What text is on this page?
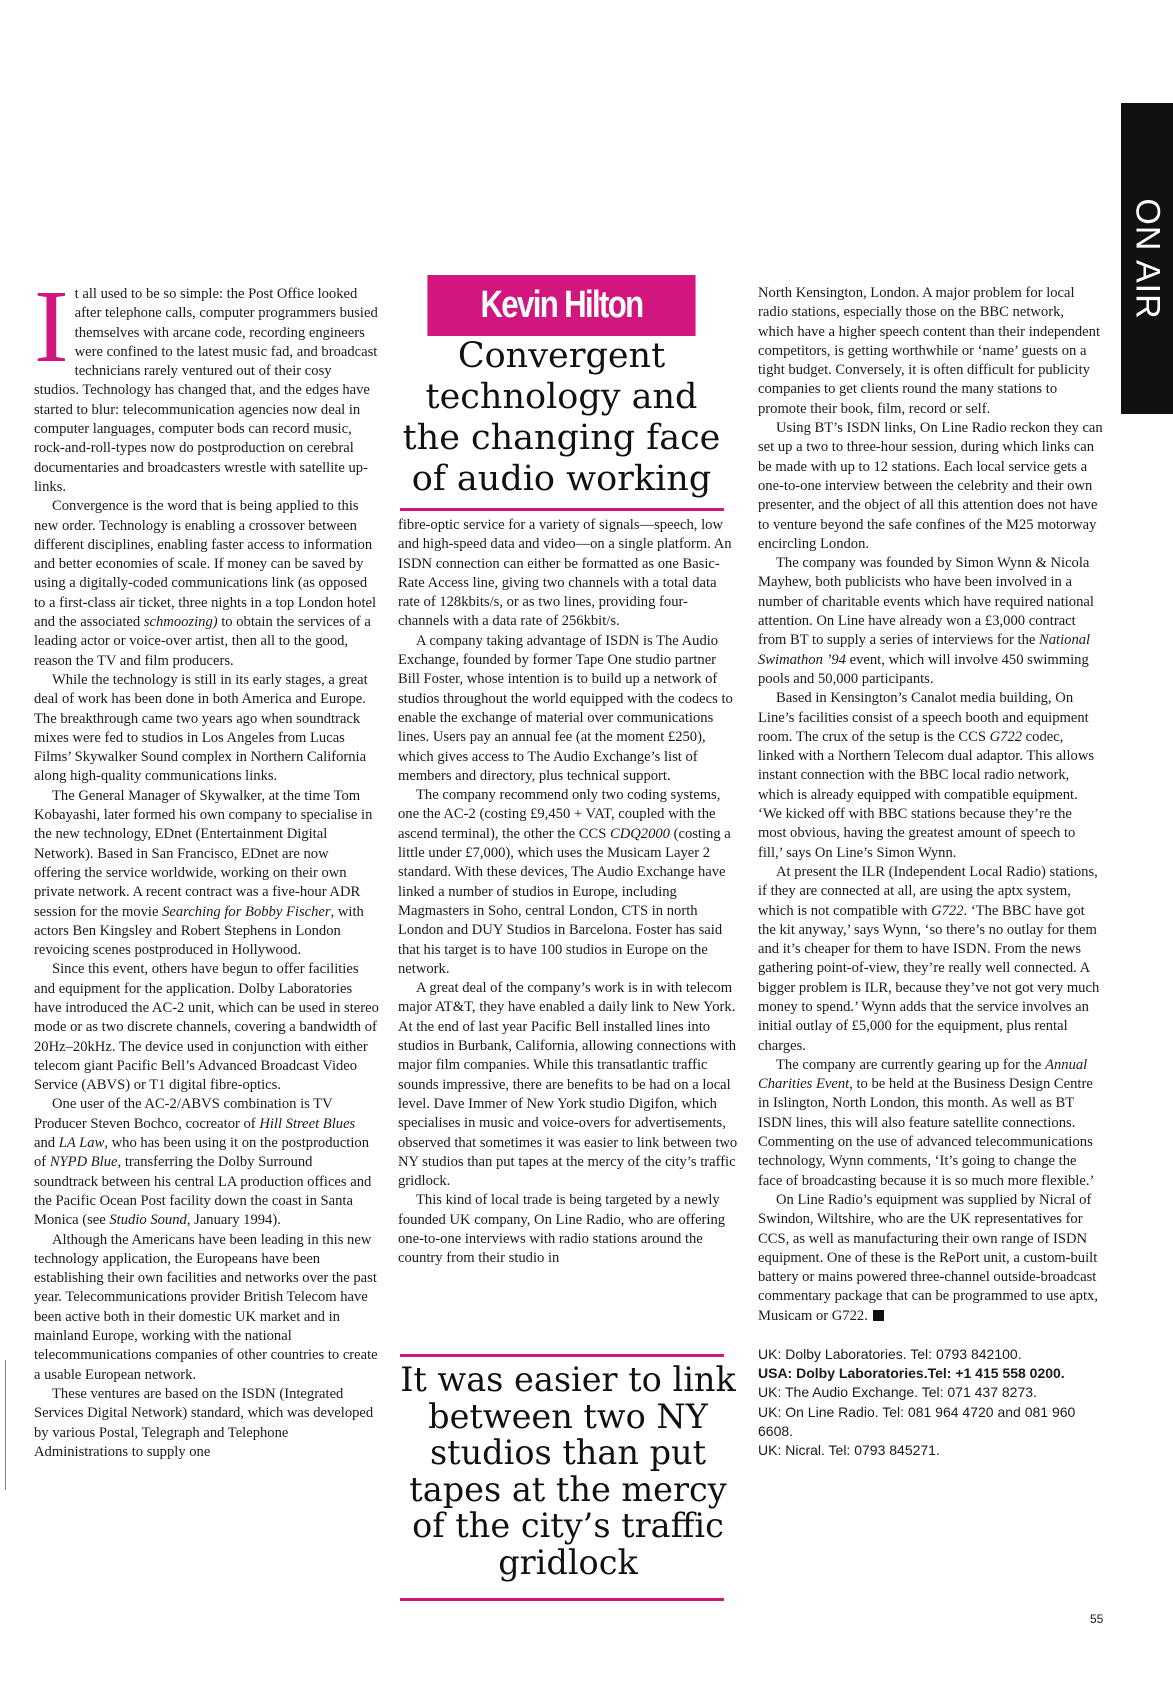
ON AIR

It all used to be so simple: the Post Office looked after telephone calls, computer programmers busied themselves with arcane code, recording engineers were confined to the latest music fad, and broadcast technicians rarely ventured out of their cosy studios. Technology has changed that, and the edges have started to blur: telecommunication agencies now deal in computer languages, computer bods can record music, rock-and-roll-types now do postproduction on cerebral documentaries and broadcasters wrestle with satellite up-links.

Convergence is the word that is being applied to this new order. Technology is enabling a crossover between different disciplines, enabling faster access to information and better economies of scale. If money can be saved by using a digitally-coded communications link (as opposed to a first-class air ticket, three nights in a top London hotel and the associated schmoozing) to obtain the services of a leading actor or voice-over artist, then all to the good, reason the TV and film producers.

While the technology is still in its early stages, a great deal of work has been done in both America and Europe. The breakthrough came two years ago when soundtrack mixes were fed to studios in Los Angeles from Lucas Films’ Skywalker Sound complex in Northern California along high-quality communications links.

The General Manager of Skywalker, at the time Tom Kobayashi, later formed his own company to specialise in the new technology, EDnet (Entertainment Digital Network). Based in San Francisco, EDnet are now offering the service worldwide, working on their own private network. A recent contract was a five-hour ADR session for the movie Searching for Bobby Fischer, with actors Ben Kingsley and Robert Stephens in London revoicing scenes postproduced in Hollywood.

Since this event, others have begun to offer facilities and equipment for the application. Dolby Laboratories have introduced the AC-2 unit, which can be used in stereo mode or as two discrete channels, covering a bandwidth of 20Hz–20kHz. The device used in conjunction with either telecom giant Pacific Bell’s Advanced Broadcast Video Service (ABVS) or T1 digital fibre-optics.

One user of the AC-2/ABVS combination is TV Producer Steven Bochco, cocreator of Hill Street Blues and LA Law, who has been using it on the postproduction of NYPD Blue, transferring the Dolby Surround soundtrack between his central LA production offices and the Pacific Ocean Post facility down the coast in Santa Monica (see Studio Sound, January 1994).

Although the Americans have been leading in this new technology application, the Europeans have been establishing their own facilities and networks over the past year. Telecommunications provider British Telecom have been active both in their domestic UK market and in mainland Europe, working with the national telecommunications companies of other countries to create a usable European network.

These ventures are based on the ISDN (Integrated Services Digital Network) standard, which was developed by various Postal, Telegraph and Telephone Administrations to supply one

Kevin Hilton
Convergent technology and the changing face of audio working

fibre-optic service for a variety of signals—speech, low and high-speed data and video—on a single platform. An ISDN connection can either be formatted as one Basic-Rate Access line, giving two channels with a total data rate of 128kbits/s, or as two lines, providing four-channels with a data rate of 256kbit/s.

A company taking advantage of ISDN is The Audio Exchange, founded by former Tape One studio partner Bill Foster, whose intention is to build up a network of studios throughout the world equipped with the codecs to enable the exchange of material over communications lines. Users pay an annual fee (at the moment £250), which gives access to The Audio Exchange’s list of members and directory, plus technical support.

The company recommend only two coding systems, one the AC-2 (costing £9,450 + VAT, coupled with the ascend terminal), the other the CCS CDQ2000 (costing a little under £7,000), which uses the Musicam Layer 2 standard. With these devices, The Audio Exchange have linked a number of studios in Europe, including Magmasters in Soho, central London, CTS in north London and DUY Studios in Barcelona. Foster has said that his target is to have 100 studios in Europe on the network.

A great deal of the company’s work is in with telecom major AT&T, they have enabled a daily link to New York. At the end of last year Pacific Bell installed lines into studios in Burbank, California, allowing connections with major film companies. While this transatlantic traffic sounds impressive, there are benefits to be had on a local level. Dave Immer of New York studio Digifon, which specialises in music and voice-overs for advertisements, observed that sometimes it was easier to link between two NY studios than put tapes at the mercy of the city’s traffic gridlock.

This kind of local trade is being targeted by a newly founded UK company, On Line Radio, who are offering one-to-one interviews with radio stations around the country from their studio in

It was easier to link between two NY studios than put tapes at the mercy of the city’s traffic gridlock

North Kensington, London. A major problem for local radio stations, especially those on the BBC network, which have a higher speech content than their independent competitors, is getting worthwhile or ‘name’ guests on a tight budget. Conversely, it is often difficult for publicity companies to get clients round the many stations to promote their book, film, record or self.

Using BT’s ISDN links, On Line Radio reckon they can set up a two to three-hour session, during which links can be made with up to 12 stations. Each local service gets a one-to-one interview between the celebrity and their own presenter, and the object of all this attention does not have to venture beyond the safe confines of the M25 motorway encircling London.

The company was founded by Simon Wynn & Nicola Mayhew, both publicists who have been involved in a number of charitable events which have required national attention. On Line have already won a £3,000 contract from BT to supply a series of interviews for the National Swimathon ’94 event, which will involve 450 swimming pools and 50,000 participants.

Based in Kensington’s Canalot media building, On Line’s facilities consist of a speech booth and equipment room. The crux of the setup is the CCS G722 codec, linked with a Northern Telecom dual adaptor. This allows instant connection with the BBC local radio network, which is already equipped with compatible equipment. ‘We kicked off with BBC stations because they’re the most obvious, having the greatest amount of speech to fill,’ says On Line’s Simon Wynn.

At present the ILR (Independent Local Radio) stations, if they are connected at all, are using the aptx system, which is not compatible with G722. ‘The BBC have got the kit anyway,’ says Wynn, ‘so there’s no outlay for them and it’s cheaper for them to have ISDN. From the news gathering point-of-view, they’re really well connected. A bigger problem is ILR, because they’ve not got very much money to spend.’ Wynn adds that the service involves an initial outlay of £5,000 for the equipment, plus rental charges.

The company are currently gearing up for the Annual Charities Event, to be held at the Business Design Centre in Islington, North London, this month. As well as BT ISDN lines, this will also feature satellite connections. Commenting on the use of advanced telecommunications technology, Wynn comments, ‘It’s going to change the face of broadcasting because it is so much more flexible.’

On Line Radio’s equipment was supplied by Nicral of Swindon, Wiltshire, who are the UK representatives for CCS, as well as manufacturing their own range of ISDN equipment. One of these is the RePort unit, a custom-built battery or mains powered three-channel outside-broadcast commentary package that can be programmed to use aptx, Musicam or G722.

UK: Dolby Laboratories. Tel: 0793 842100.
USA: Dolby Laboratories.Tel: +1 415 558 0200.
UK: The Audio Exchange. Tel: 071 437 8273.
UK: On Line Radio. Tel: 081 964 4720 and 081 960 6608.
UK: Nicral. Tel: 0793 845271.
55
